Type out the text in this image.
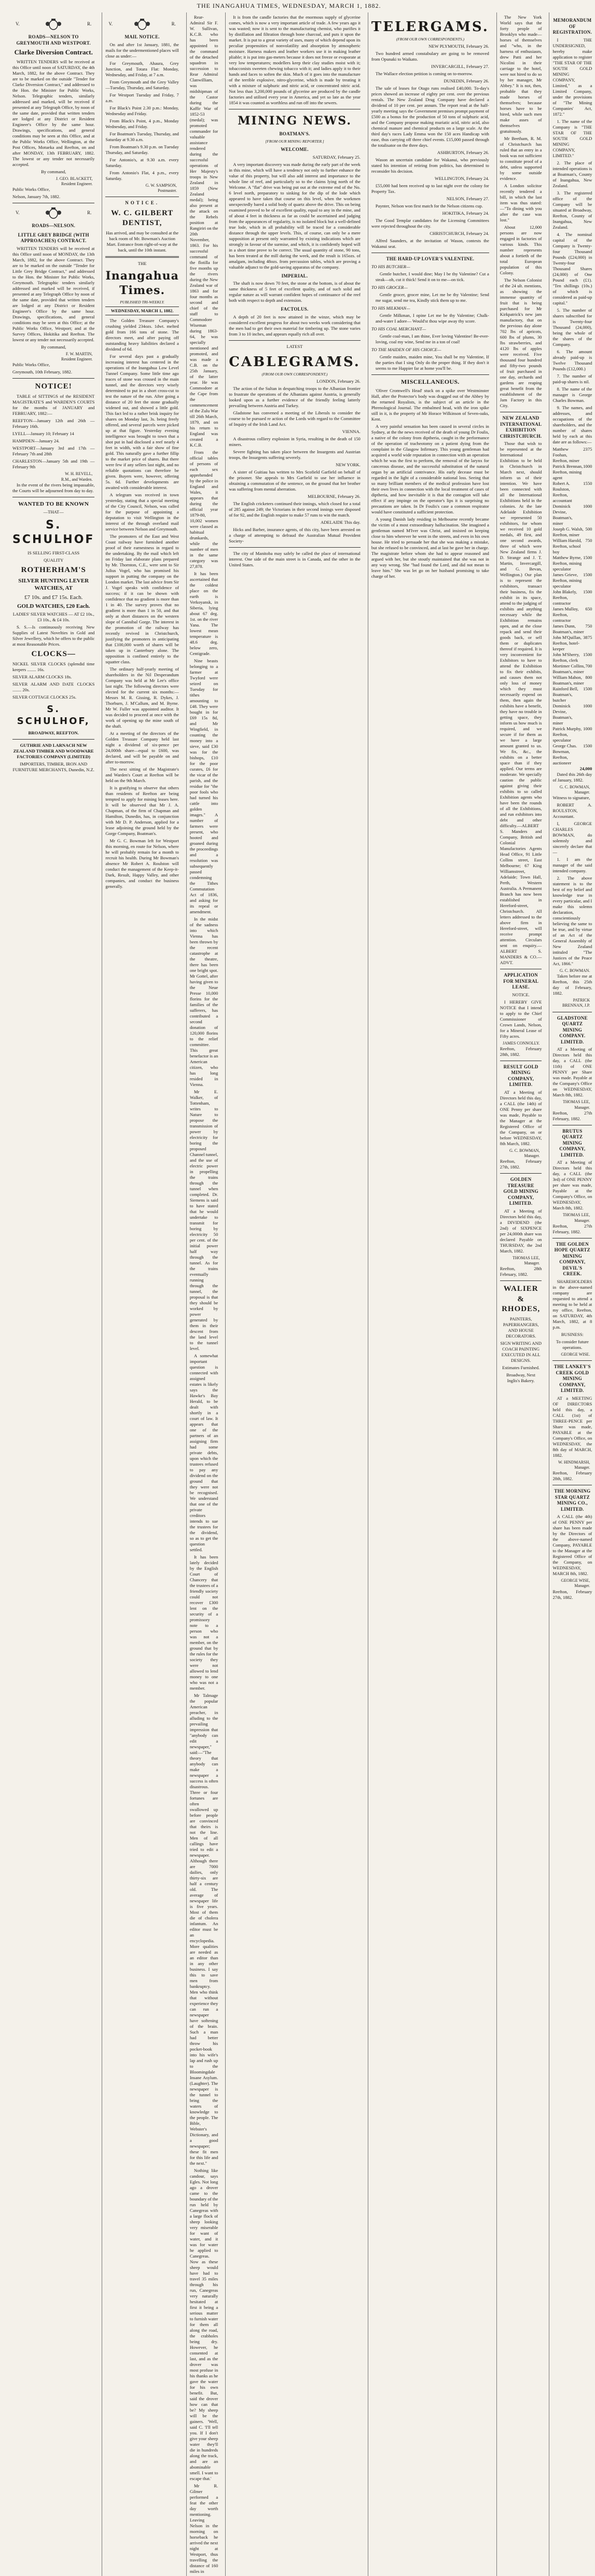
THE INANGAHUA TIMES, WEDNESDAY, MARCH 1, 1882.
V.	R.
ROADS—NELSON TO GREYMOUTH AND WESTPORT.
Clarke Diversion Contract.

WRITTEN TENDERS will be received at this Office until noon of SATURDAY, the 4th March, 1882, for the above Contract. They are to be marked on the outside "Tender for Clarke Diversion Contract," and addressed to the Hon. the Minister for Public Works, Nelson. Telegraphic tenders, similarly addressed and marked, will be received if presented at any Telegraph Office, by noon of the same date, provided that written tenders are lodged at any District or Resident Engineer's Office by the same hour. Drawings, specifications, and general conditions may be seen at this Office, and at the Public Works Office, Wellington, at the Post Offices, Motueka and Reefton, on and after MONDAY, 13th FEBRUARY, 1882. The lowest or any tender not necessarily accepted.

By command,

J. GEO. BLACKETT,
Resident Engineer.

Public Works Office,

Nelson, January 7th, 1882.

V.	R.
ROADS—NELSON.
LITTLE GREY BRIDGE (WITH APPROACHES) CONTRACT.

WRITTEN TENDERS will be received at this Office until noon of MONDAY, the 13th March, 1882, for the above Contract. They are to be marked on the outside "Tender for Little Grey Bridge Contract," and addressed to the Hon. the Minister for Public Works, Greymouth. Telegraphic tenders similarly addressed and marked will be received, if presented at any Telegraph Office by noon of the same date, provided that written tenders are lodged at any District or Resident Engineer's Office by the same hour. Drawings, specifications, and general conditions may be seen at this Office; at the Public Works Office, Westport; and at the Survey Offices, Hokitika and Reefton. The lowest or any tender not necessarily accepted.

By command,

F. W. MARTIN,
Resident Engineer.

Public Works Office,

Greymouth, 10th February, 1882.

NOTICE!

TABLE of SITTINGS of the RESIDENT MAGISTRATE'S and WARDEN'S COURTS for the months of JANUARY and FEBRUARY, 1882:—

REEFTON—January 12th and 26th —February 16th.

LYELL—January 10; February 14

HAMPDEN—January 24.

WESTPORT—January 3rd and 17th —February 7th and 28th

CHARLESTON—January 5th and 19th —February 9th

W. H. REVELL,
R.M., and Warden.

In the event of the rivers being impassable, the Courts will be adjourned from day to day.

WANTED TO BE KNOWN
—THAT—
S. SCHULHOF
IS SELLING FIRST-CLASS
QUALITY
ROTHERHAM'S
SILVER HUNTING LEVER WATCHES, AT
£7 10s. and £7 15s. Each.
GOLD WATCHES, £20 Each.
LADIES' SILVER WATCHES — AT £2 10s., £3 10s., & £4 10s.

S. S.—Is continuously receiving New Supplies of Latest Novelties in Gold and Silver Jewellery, which he offers to the public at most Reasonable Prices.

CLOCKS—

NICKEL SILVER CLOCKS (splendid time keepers ........ 16s.

SILVER ALARM CLOCKS 18s.

SILVER ALARM AND DATE CLOCKS ........ 20s.

SILVER COTTAGE CLOCKS 25s.

S. SCHULHOF,
BROADWAY, REEFTON.

GUTHRIE AND LARNACH NEW ZEALAND TIMBER AND WOODWARE FACTORIES COMPANY (LIMITED)

IMPORTERS, TIMBER, IRON AND FURNITURE MERCHANTS, Dunedin, N.Z.

V.	R.
MAIL NOTICE.

On and after 1st January, 1881, the mails for the undermentioned places will close as under:—

For Greymouth, Ahaura, Grey Junction, and Totara Flat: Monday, Wednesday, and Friday, at 7 a.m.

From Greymouth and the Grey Valley—Tuesday, Thursday, and Saturday.

For Westport Tuesday and Friday, 7 a.m.

For Black's Point 2.30 p.m.: Monday, Wednesday and Friday.

From Black's Point, 4 p.m., Monday Wednesday, and Friday.

For Boatman's Tuesday, Thursday, and Saturday at 9.30 a.m.

From Boatman's 9.30 p.m. on Tuesday Thursday, and Saturday.

For Antonio's, at 9.30 a.m. every Saturday.

From Antonio's Flat, 4 p.m., every Saturday.

G. W. SAMPSON,
Postmaster.
NOTICE.
W. C. GILBERT DENTIST,

Has arrived, and may be consulted at the back room of Mr. Bowman's Auction Mart. Entrance from right-of-way at the back, until the 10th instant.

THE
Inangahua Times.
PUBLISHED TRI-WEEKLY.
WEDNESDAY, MARCH 1, 1882.

The Golden Treasure Company's crushing yielded 234ozs. 1dwt. melted gold from 166 tons of stone. The directors meet, and after paying off outstanding heavy liabilities declared a dividend of 6d.

For several days past a gradually increasing interest has centered in the operations of the Inangahua Low Level Tunnel Company. Some little time ago traces of stone was crossed in the main tunnel, and the directors very wisely determined to put in a short cross-cut to test the nature of the run. After going a distance of 20 feet the stone gradually widened out, and showed a little gold. This fact led to a rather brisk inquiry for shares on Monday last, 3s. being freely offered, and several parcels were picked up at that figure. Yesterday evening intelligence was brought to town that a shot put in had disclosed a reef nearly 4 feet in width, with a fair show of fine gold. This naturally gave a further fillip to the market price of shares. But there were few if any sellers last night, and no reliable quotations can therefore be given. Buyers were, however, offering 5s. 6d. Further developments are awaited with considerable interest.

A telegram was received in town yesterday, stating that a special meeting of the City Council, Nelson, was called for the purpose of appointing a deputation to visit Wellington in the interest of the through overland mail service between Nelson and Greymouth.

The promoters of the East and West Coast railway have furnished another proof of their earnestness in regard to the undertaking. By the mail which left on Friday last elaborate plans prepared by Mr. Thornton, C.E., were sent to Sir Julius Vogel, who has promised his support in putting the company on the London market. The last advice from Sir J. Vogel speaks with confidence of success; if it can be shown with confidence that no gradient is more than 1 in 40. The survey proves that no gradient is more than 1 in 50, and that only at short distances on the western slope of Cannibal Gorge. The interest in the promotion of the railway has recently revived in Christchurch, justifying the promoters in anticipating that £100,000 worth of shares will be taken up in Canterbury alone. The opposition is confined entirely to the squatter class.

The ordinary half-yearly meeting of shareholders in the Nil Desperandum Company was held at Mr Lee's office last night. The following directors were elected for the current six months:—Messrs M. R. Gissing, R. Dykes, J. Thorburn, J. M'Callum, and M. Byrne. Mr W. Fuller was appointed auditor. It was decided to proceed at once with the work of opening up the mine south of the shaft.

At a meeting of the directors of the Golden Treasure Company held last night a dividend of six-pence per 24,000th share—equal to £600, was declared, and will be payable on and after to-morrow.

The next sitting of the Magistrate's and Warden's Court at Reefton will be held on the 9th March.

It is gratifying to observe that others than residents of Reefton are being tempted to apply for mining leases here. It will be observed that Mr J. A. Chapman, of the firm of Chapman and Hamilton, Dunedin, has, in conjunction with Mr D. P. Anderson, applied for a lease adjoining the ground held by the Gorge Company, Boatman's.

Mr G. C. Bowman left for Westport this morning, en route for Nelson, where he will probably remain for a month to recruit his health. During Mr Bowman's absence Mr Robert A. Roulston will conduct the management of the Keep-it-Dark, Result, Happy Valley, and other companies, and conduct the business generally.

Rear-Admiral Sir F. W. Sullivan, K.C.B. who has been appointed to the command of the detached squadron in succession to Rear Admiral Clanwilliam, was midshipman of the Castor during the Kaffir War of 1852-53 (medal); was promoted commander for valuable assistance rendered during the successful operations of Her Majesty's troops in New Zealand in 1859 (New Zealand medal); being also present at the attack on the Rebels position at Rangiriri on the 20th November, 1863. For his successful command of the flotilla for five months up the rivers during the New Zealand war of 1863 and for four months as second and chief of the staff to Commodore Wiseman during 1863-64, he was specially mentioned and promoted, and was made a C.B. on the 25th January, of the latter year. He was Commodore at the Cape from the commencement of the Zulu War till 26th March, 1879, and on his return to England was created a K.C.B.

From the official tables of persons of each sex apprehended by the police in England and Wales, it appears that during the official year 1879-80, 10,002 women were classed as habitual drunkards, while the number of men in the same category was 27,878.

It has been ascertained that the coldest place on the earth is Verkoyansk, in Siberia, lying about 67 deg. 1st. on the river Yana. The lowest mean temperature is 48.6 deg. below zero, Centigrade.

Nine beasts belonging to a farmer at Twyford were seized on Tuesday for tithes amounting to £48. They were bought in for £69 15s 8d, and Mr Wingfield, in counting the money into a sieve, said £30 was for the bishops, £10 for the poor curates, £6 for the vicar of the parish, and the residue for "the poor fools who had turned his cattle into golden images." A number of farmers were present, who hooted and groaned during the proceedings and a resolution was subsequently passed condemning the Tithes Commutation Act of 1836, and asking for its repeal or amendment.

In the midst of the sadness into which Vienna has been thrown by the recent catastrophe at the theatre, there has been one bright spot. Mr Gottel, after having given to the Neue Presse 10,000 florins for the families of the sufferers, has contributed a second donation of 120,000 florins to the relief committee. This great benefactor is an American citizen, who has long resided in Vienna.

Mr E. Walker, of Tottenham, writes to Nature to propose the transmission of power by electricity for boring the proposed Channel tunnel, and the use of electric power in propelling the trains through the tunnel when completed. Dr. Siemens is said to have stated that he would undertake to transmit for boring by electricity 50 per cent. of the initial power half way through the tunnel. As for the trains eventually running through the tunnel, the proposal is that they should be worked by power generated by them in their descent from the land level to the tunnel level.

A somewhat important question is connected with assigned estates is likely says the Hawke's Bay Herald, to be dealt with shortly in a court of law. It appears that one of the partners of an assigning firm had some private debts, upon which the trustees refused to pay any dividend on the ground that they were not be recognised. We understand that one of the private creditors intends to sue the trustees for the dividend, so as to get the question settled.

It has been lately decided by the English Court of Chancery that the trustees of a friendly society could not recover £300 lent on the security of a promissory note to a person who was not a member, on the ground that by the rules for the society they were not allowed to lend money to one who was not a member.

Mr Talmage the popular American preacher, in alluding to the prevailing impression that "anybody can edit a newspaper," said:—"The theory that anybody can make a newspaper a success is often disastrous. Three or four fortunes are often swallowed up before people are convinced that theirs is not the line. Men of all callings have tried to edit a newspaper. Although there are 7000 dailies, only thirty-six are half a century old. The average of newspaper life is five years. Most of them die of cholera infantum. An editor must be an encyclopedia. More qualities are needed as an editor than in any other business. I say this to save men from bankruptcy. Men who think that without experience they can run a newspaper have softening of the brain. Such a man had better throw his pocket-book into his wife's lap and rush up to the Bloomingdale Insane Asylum. (Laughter). The newspaper is the tunnel to bring the waters of knowledge to the people. The Bible, Webster's Dictionary, and a good newspaper; these fit men for this life and the next."

Nothing like candour, says Egles. Not long ago a drover came to the boundary of the run held by Canegreas with a large flock of sheep looking very miserable for want of water, and it was for water he applied to Canegreas. Now as these sheep would have had to travel 35 miles through his run, Canegreas very naturally hesitated at first it being a serious matter to furnish water for them all along the road, the crabholes being dry. However, he consented at last, and as the drover was most profuse in his thanks as he gave the water for his own benefit. But, said the drover how can that be? My sheep will be the gainers. 'Well, said C. 'I'll tell you. If I don't give your sheep water they'll die in hundreds along the track, and are an abominable smell. I want to escape that.'

Mr R. Gilmer performed a feat the other day worth mentioning. Leaving Nelson in the morning on horseback he arrived the next night at Westport, thus travelling the distance of 160 miles in

It is from the candle factories that the enormous supply of glycerine comes, which is now a very important article of trade. A few years ago it was wasted; now it is sent to the manufacturing chemist, who purifies it by distillation and filtration through bone charcoal, and puts it upon the market. It is put to a great variety of uses, many of which depend upon its peculiar propensities of nonvolatility and absorption by atmospheric moisture. Harness makers and leather workers use it in making leather pliable; it is put into gas-meters because it does not freeze or evaporate at very low temperatures; modellers keep their clay studies moist with it; tobacconists sweeten chewing tobacco with it; and ladies apply it to their hands and faces to soften the skin. Much of it goes into the manufacture of the terrible explosive, nitro-glycerine, which is made by treating it with a mixture of sulphuric and nitric acid, or concentrated nitric acid. Not less than 3,200,000 pounds of glycerine are produced by the candle factories and utilised every year in America, and yet so late as the year 1854 it was counted as worthless and run off into the sewers.

MINING NEWS.
BOATMAN'S.
[FROM OUR MINING REPORTER.]
WELCOME.

SATURDAY, February 25.

A very important discovery was made during the early part of the week in this mine, which will have a tendency not only to further enhance the value of this property, but will also add interest and importance to the whole line of reef, and particularly so to the claims lying north of the Welcome. A "flat" drive was being put out at the extreme end of the No. 6 level north, preparatory to sinking for the dip of the lode which appeared to have taken that course on this level, when the workmen unexpectedly bared a solid body of quartz above the drive. This on being examined proved to be of excellent quality, equal to any in the mine, and of about 4 feet in thickness as far as could be ascertained and judging from the appearances of regularity, is no isolated block but a well-defined true lode, which in all probability will be traced for a considerable distance through the upper levels. This, of course, can only be a mere supposition at present only warranted by existing indications which are strongly in favour of the surmise, and which, it is confidently hoped will in a short time prove to be correct. The usual quantity of stone, 90 tons, has been treated at the mill during the week, and the result is 165ozs. of amalgam, including 48ozs. from percussion tables, which are proving a valuable adjunct to the gold-saving apparatus of the company.

IMPERIAL.

The shaft is now down 70 feet, the stone at the bottom, is of about the same thickness of 5 feet of excellent quality, and of such solid and regular nature as will warrant confident hopes of continuance of the reef both with respect to depth and extension.

FACTOLUS.

A depth of 20 feet is now attained in the winze, which may be considered excellent progress for about two weeks work considering that the men had to get their own material for timbering up. The stone varies from 3 to 10 inches, and appears equally rich all over.

LATEST
CABLEGRAMS.
(FROM OUR OWN CORRESPONDENT.)

LONDON, February 26.

The action of the Sultan in despatching troops to the Albanian frontier to frustrate the operations of the Albanians against Austria, is generally looked upon as a further evidence of the friendly feeling latterly prevailing between Austria and Turkey.

Gladstone has convened a meeting of the Liberals to consider the course to be pursued re action of the Lords with regard to the Committee of Inquiry of the Irish Land Act.

VIENNA.

A disastrous colliery explosion in Syria, resulting in the death of 150 miners.

Severe fighting has taken place between the Insurgents and Austrian troops, the Insurgents suffering severely.

NEW YORK.

A sister of Guitiau has written to Mrs Scofield Garfield on behalf of the prisoner. She appeals to Mrs Garfield to use her influence in obtaining a commutation of the sentence, on the ground that her brother was suffering from mental aberration.

MELBOURNE, February 26.

The English cricketers continued their innings, which closed for a total of 285 against 249; the Victorians in their second innings were disposed of for 92, and the English require to make 57 runs to win the match.

ADELAIDE This day.

Hicks and Barber, insurance agents, of this city, have been arrested on a charge of attempting to defraud the Australian Mutual Provident Society-

The city of Manitoba may safely be called the place of international interest. One side of the main street is in Canada, and the other in the United States.

TELERGAMS.
(FROM OUR OWN CORRESPONDENTS.)

NEW PLYMOUTH, February 26.

Two hundred armed constabulary are going to be removed from Opunaki to Waikato.

INVERCARGILL, February 27.

The Wallace election petition is coming on to-morrow.

DUNEDIN, February 26.

The sale of leases for Otago runs realised £40,000. To-day's prices showed an increase of eighty per cent. over the previous rentals. The New Zealand Drug Company have declared a dividend of 10 per cent. per annum. The report read at the half-yearly meeting says the Government premises prompt payment of £500 as a bonus for the production of 50 tons of sulphuric acid, and the Company propose making muriatic acid, nitric acid, also chemical manure and chemical products on a large scale. At the third day's races Lady Emma won the 150 aces Handicap with ease, thus carrying off three chief events. £15,000 passed through the totalisator on the three days.

ASHBURTON, February 26.

Wason an uncertain candidate for Wakanui, who previously stated his intention of retiring from politics, has determined to reconsider his decision.

WELLINGTON, February 24.

£55,000 had been received up to last night over the colony for Property Tax.

NELSON, February 27.

Paynter, Nelson won first match for the Nelson citizens cup.

HOKITIKA, February 24.

The Good Templar candidates for the Licensing Committees were rejected throughout the city.

CHRISTCHURCH, February 24.

Alfred Saunders, at the invitation of Wason, contests the Wakanui seat.

THE HARD-UP LOVER'S VALENTINE.

TO HIS BUTCHER—

Gentle butcher, I would dine; May I be thy Valentine? Cut a steak—oh, cut it thick! Send it on to me—on tick.

TO HIS GROCER—

Gentle grocer, grocer mine, Let me be thy Valentine; Send me sugar, send me tea, Kindly stick them up to me.

TO HIS MILKMAN—

Gentle Milkman, I opine Let me be thy Valentine; Chalk-and-water I adore— Would'st thou wipe away thy score.

TO HIS COAL MERCHANT—

Gentle coal-man, I am thine, Ever loving Valentine! Be-ever-loving, coal my wine, Send me in a ton of coal!

TO THE MAIDEN OF HIS CHOICE—

Gentle maiden, maiden mine, You shall be my Valentine, If the parties that I sing Only do the proper thing. If they don't it seems to me Happier far at home you'll be.

MISCELLANEOUS.

'Oliver Cromwell's Head' stuck on a spike over Westminster Hall, after the Protector's body was dragged out of the Abbey by the returned Royalists, is the subject of an article in the Phrenological Journal. The embalmed head, with the iron spike still in it, is the property of Mr Horace Wilkinson of Seven-oaks, Kent.

A very painful sensation has been caused in several circles in Sydney, at the the news received of the death of young Dr Foulis, a native of the colony from diptheria, caught in the performance of the operation of tracheotomy on a patient dying from the complaint in the Glasgow Infirmary. This young gentleman had acquired a world wide reputation in connection with an operation which he was the first to perform, the removal of the larynx for cancerous disease, and the successful substitution of the natural organ by an artificial contrivance. His early decease must be regarded in the light of a considerable national loss. Seeing that so many brilliant members of the medical profession have lost their own lives in connection with the local treatment of cases of diptheria, and how inevitable it is that the contagion will take effect if any impinge on the operator's lips it is surprising no precautions are taken. In Dr Foulis's case a common respirator would have constituted a sufficient protection.

A young Danish lady residing in Melbourne recently became the victim of a most extraordinary hallucination. She imagined a gentleman named M'Iver was Christ, and insisted on keeping close to him wherever he went in the streets, and even in his own house. He tried to persuade her that she was making a mistake, but she refused to be convinced, and at last he gave her in charge. The magistrate before whom she had to appear reasoned and argued with her, but she stoutly maintained that she was not in any way wrong. She "had found the Lord, and did not mean to leave him." She was let go on her husband promising to take charge of her.

The New York World says that the forty people of Brooklyn who made—horses of themselves and "who, in the harness of enthusiasm, drew Patti and her Nicolini in their carriage to the hotel, were not hired to do so by her manager, Mr Abbey." It is not, then, probable that they made horses of themselves; because horses have to be hired, while such men make asses of themselves gratuitously.

Mr Beetham, R. M. of Christchurch has ruled that an entry in a book was not sufficient to constitute proof of a debt, unless supported by some outside evidence.

A London solicitor recently tendered a bill, in which the last item was thus stated:—"To dining with you after the case was lost."

About 12,000 persons are now engaged in factories of various kinds. This number represents about a fortieth of the total European population of this Colony.

The Nelson Colonist of the 24 ult. mentions, as showing the immense quantity of fruit that is being purchased for Mr Kirkpatrick's new jam manufactory, that on the previous day alone 702 lbs of apricots, 600 lbs of plums, 30 lbs strawberries, and 4120 lbs of apples were received. Five thousand four hundred and fifty-two pounds of fruit purchased in one day, orchards and gardens are reaping great benefit from the establishment of the Jam Factory in this City.

NEW ZEALAND INTERNATIONAL EXHIBITION CHRISTCHURCH.

Those that wish to be represented at the International Exhibition to be held in Christchurch in March next, should inform us of their intention. We have been connected with all the International Exhibitions held in the colonies. At the late Adelaide Exhibition we represented 50 exhibitors, for whom we received 10 gold medals, 49 first, and one second awards, three of which were New Zealand firms J. D. Strange and J. T. Martin, Invercargill, and G. Bevan, Wellington.) Our plan is to represent the exhibitors, transact their business, fix the exhibit in its space, attend to the judging of exhibits and anything necessary while the Exhibition remains open, and at the close repack and send their goods back, or sell them or duplicates thereof if required. It is very inconvenient for Exhibitors to have to attend the Exhibition to fix their exhibits, and causes them not only loss of money which they must necessarily expend on them, then again the exhibits have a benefit, they have no trouble in getting space, they inform us how much is required, and we secure if for them as we have a large amount granted to us. We fix, &c., the exhibits on a better space than if they applied. Our terms are moderate. We specially caution the public against giving their exhibits to so called Exhibition agents who have been the rounds of all the Exhibitions, and run exhibitors into debt and other difficulty.—ALBERT S. Manders and Company, British and Colonial Manufactories Agents Head Office, 91 Little Collins street, East Melbourne; 67 King Williamstreet, Adelaide; Town Hall, Perth, Western Australia. A Permanent Branch has now been established in Hereford-street, Christchurch. All letters addressed to the above firm in Hereford-street, will receive prompt attention. Circulars sent on enquiry.—ALBERT S. MANDERS & CO.—ADVT.

APPLICATION FOR MINERAL LEASE.
NOTICE.

I HEREBY GIVE NOTICE that I intend to apply to the Chief Commissioner of Crown Lands, Nelson, for a Mineral Lease of Fifty acres.

JAMES CONNOLLY.

Reefton, February 28th, 1882.

RESULT GOLD MINING COMPANY, LIMITED.

AT a Meeting of Directors held this day, a CALL (the 14th) of ONE Penny per share was made, Payable to the Manager at the Registered Office of the Company, on or before WEDNESDAY, 8th March, 1882.

G. C. BOWMAN,
Manager.

Reefton, February 27th, 1882.

GOLDEN TREASURE GOLD MINING COMPANY, LIMITED.

AT a Meeting of Directors held this day, a DIVIDEND (the 2nd) of SIXPENCE per 24,000th share was declared Payable on THURSDAY, the 2nd March, 1882.

THOMAS LEE,
Manager.

Reefton, 28th February, 1882.

WALIER & RHODES,

PAINTERS, PAPERHANGERS, AND HOUSE DECORATORS.

SIGN WRITING AND COACH PAINTING EXECUTED IN ALL DESIGNS.

Estimates Furnished.

Broadway, Next Inglis's Bakery.

MEMORANDUM OF REGISTRATION.

I THE UNDERSIGNED, hereby make application to register "THE STAR OF THE SOUTH GOLD MINING COMPANY, Limited," as a Limited Company, under the provisions of "The Mining Companies' Act, 1872."

1. The name of the Company is "THE STAR OF THE SOUTH GOLD MINING COMPANY, LIMITED."

2. The place of intended operations is at Boatman's, County of Inangahua, New Zealand.

3. The registered office of the Company will be situated at Broadway, Reefton, County of Inangahua, New Zealand.

4. The nominal capital of the Company is Twenty-four Thousand Pounds (£24,000) in Twenty-four Thousand Shares (24,000) of One Pound each (£1). "Ten shillings (10s.) of which is considered as paid-up capital."

5. The number of shares subscribed for is Twenty-four Thousand (24,000), being the whole of the shares of the Company.

6. The amount already paid-up is Twelve Thousand Pounds (£12,000.)

7. The number of paid-up shares is nil.

8. The name of the manager is George Charles Bowman.

9. The names, and addresses, and occupations of the shareholders, and the number of shares held by each at this date are as follows:—

Matthew Foohan, Reefton, miner
2375
Patrick Brennan, Reefton, mining agent
1000
Robert A. Roulston, Reefton, accountant
1550
Dominick Devine, Boatman's, miner
1000
Joseph G. Walsh, Reefton, miner
500
William Harold, Reefton, school boy
750
Matthew Byrne, Reefton, mining speculator
1500
James Grieve, Reefton, mining speculator
1500
John Blakely, Reefton, contractor
1500
James Mulloy, Reefton, contractor
650
James Dunn, Boatman's, miner
750
John M'Quillan, Reefton, hotel-keeper
3875
John M'Sherry, Reefton, clerk
1500
Mortimer Collins, Boatman's, miner
700
William Mahon, Boatman's, miner
800
Rainford Bell, Boatman's, butcher
1500
Dominick Devine, Boatman's, miner
1000
Patrick Murphy, Reefton, speculator
1000
George Chas. Bowman, Reefton, auctioneer
1500
24,000

Dated this 26th day of January, 1882.

G. C. BOWMAN,
Manager.

Witness to signature,

ROBERT A. ROULSTON, Accountant.

I, GEORGE CHARLES BOWMAN, do solemnly and sincerely declare that—

1. I am the manager of the said intended company.

2. The above statement is to the best of my belief and knowledge true in every particular, and I make this solemn declaration, conscientiously believing the same to be true, and by virtue of an Act of the General Assembly of New Zealand intituled "The Justices of the Peace Act, 1866."

G. C. BOWMAN.

Taken before me at Reefton, this 25th day of February, 1882.

PATRICK BRENNAN, J.P.
GLADSTONE QUARTZ MINING COMPANY. LIMITED.

AT a Meeting of Directors held this day, a CALL (the 11th) of ONE PENNY per Share was made. Payable at the Company's Office on WEDNESDAY, March 8th, 1882.

THOMAS LEE,
Manager.

Reefton, 27th February, 1882.

BRUTUS QUARTZ MINING COMPANY, LIMITED.

AT a Meeting of Directors held this day, a CALL (the 3rd) of ONE PENNY per share was made, Payable at the Company's Office, on WEDNESDAY, March 8th, 1882.

THOMAS LEE,
Manager.

Reefton, 27th February, 1882.

THE GOLDEN HOPE QUARTZ MINING COMPANY, DEVIL'S CREEK.

SHAREHOLDERS in the above-named company are requested to attend a meeting to be held at my office, Reefton, on SATURDAY, 4th March, 1882, at 8 p.m.

BUSINESS:
To consider future operations.
GEORGE WISE.
THE LANKEY'S CREEK GOLD MINING COMPANY, LIMITED.

AT a MEETING OF DIRECTORS held this day, a CALL (1st) of THREE-PENCE per Share was made, PAYABLE at the Company's Office, on WEDNESDAY, the 8th day of MARCH, 1882.

W. HINDMARSH,
Manager.

Reefton, February 28th, 1882.

THE MORNING STAR QUARTZ MINING CO., LIMITED.

A CALL (the 4th) of ONE PENNY per share has been made by the Directors of the above-named Company, PAYABLE to the Manager at the Registered Office of the Company, on WEDNESDAY, MARCH 8th, 1882.

GEORGE WISE,
Manager.

Reefton, February 27th, 1882.
